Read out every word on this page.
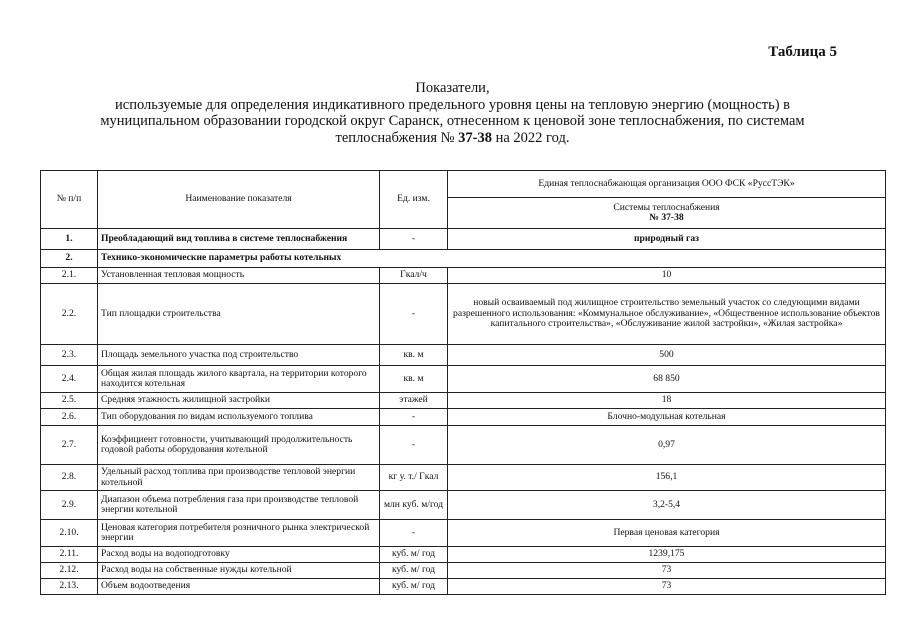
Таблица 5
Показатели,
используемые для определения индикативного предельного уровня цены на тепловую энергию (мощность) в
муниципальном образовании городской округ Саранск, отнесенном к ценовой зоне теплоснабжения, по системам
теплоснабжения № 37-38 на 2022 год.
№ п/п	Наименование показателя	Ед. изм.	Единая теплоснабжающая организация ООО ФСК «РуссТЭК»

			Системы теплоснабжения
№ 37-38

1.	Преобладающий вид топлива в системе теплоснабжения	-	природный газ
2.	Технико-экономические параметры работы котельных		
2.1.	Установленная тепловая мощность	Гкал/ч	10
2.2.	Тип площадки строительства	-	новый осваиваемый под жилищное строительство земельный участок со следующими видами разрешенного использования: «Коммунальное обслуживание», «Общественное использование объектов капитального строительства», «Обслуживание жилой застройки», «Жилая застройка»
2.3.	Площадь земельного участка под строительство	кв. м	500
2.4.	Общая жилая площадь жилого квартала, на территории которого находится котельная	кв. м	68 850
2.5.	Средняя этажность жилищной застройки	этажей	18
2.6.	Тип оборудования по видам используемого топлива	-	Блочно-модульная котельная
2.7.	Коэффициент готовности, учитывающий продолжительность годовой работы оборудования котельной	-	0,97
2.8.	Удельный расход топлива при производстве тепловой энергии котельной	кг у. т./ Гкал	156,1
2.9.	Диапазон объема потребления газа при производстве тепловой энергии котельной	млн куб. м/год	3,2-5,4
2.10.	Ценовая категория потребителя розничного рынка электрической энергии	-	Первая ценовая категория
2.11.	Расход воды на водоподготовку	куб. м/ год	1239,175
2.12.	Расход воды на собственные нужды котельной	куб. м/ год	73
2.13.	Объем водоотведения	куб. м/ год	73
